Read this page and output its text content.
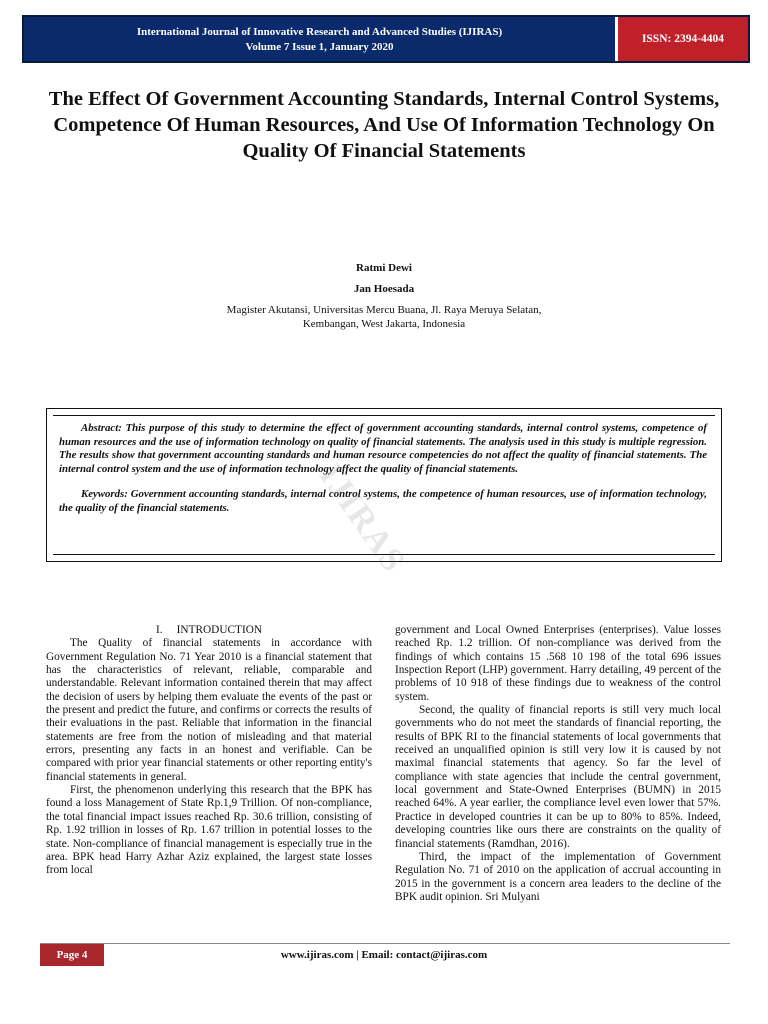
International Journal of Innovative Research and Advanced Studies (IJIRAS)
Volume 7 Issue 1, January 2020
ISSN: 2394-4404
The Effect Of Government Accounting Standards, Internal Control Systems, Competence Of Human Resources, And Use Of Information Technology On Quality Of Financial Statements
Ratmi Dewi
Jan Hoesada
Magister Akutansi, Universitas Mercu Buana, Jl. Raya Meruya Selatan,
Kembangan, West Jakarta, Indonesia

Abstract: This purpose of this study to determine the effect of government accounting standards, internal control systems, competence of human resources and the use of information technology on quality of financial statements. The analysis used in this study is multiple regression. The results show that government accounting standards and human resource competencies do not affect the quality of financial statements. The internal control system and the use of information technology affect the quality of financial statements.

Keywords: Government accounting standards, internal control systems, the competence of human resources, use of information technology, the quality of the financial statements.	IJIRAS

I. INTRODUCTION

The Quality of financial statements in accordance with Government Regulation No. 71 Year 2010 is a financial statement that has the characteristics of relevant, reliable, comparable and understandable. Relevant information contained therein that may affect the decision of users by helping them evaluate the events of the past or the present and predict the future, and confirms or corrects the results of their evaluations in the past. Reliable that information in the financial statements are free from the notion of misleading and that material errors, presenting any facts in an honest and verifiable. Can be compared with prior year financial statements or other reporting entity's financial statements in general.

First, the phenomenon underlying this research that the BPK has found a loss Management of State Rp.1,9 Trillion. Of non-compliance, the total financial impact issues reached Rp. 30.6 trillion, consisting of Rp. 1.92 trillion in losses of Rp. 1.67 trillion in potential losses to the state. Non-compliance of financial management is especially true in the area. BPK head Harry Azhar Aziz explained, the largest state losses from local

government and Local Owned Enterprises (enterprises). Value losses reached Rp. 1.2 trillion. Of non-compliance was derived from the findings of which contains 15 .568 10 198 of the total 696 issues Inspection Report (LHP) government. Harry detailing, 49 percent of the problems of 10 918 of these findings due to weakness of the control system.

Second, the quality of financial reports is still very much local governments who do not meet the standards of financial reporting, the results of BPK RI to the financial statements of local governments that received an unqualified opinion is still very low it is caused by not maximal financial statements that agency. So far the level of compliance with state agencies that include the central government, local government and State-Owned Enterprises (BUMN) in 2015 reached 64%. A year earlier, the compliance level even lower that 57%. Practice in developed countries it can be up to 80% to 85%. Indeed, developing countries like ours there are constraints on the quality of financial statements (Ramdhan, 2016).

Third, the impact of the implementation of Government Regulation No. 71 of 2010 on the application of accrual accounting in 2015 in the government is a concern area leaders to the decline of the BPK audit opinion. Sri Mulyani

Page 4	www.ijiras.com | Email: contact@ijiras.com
